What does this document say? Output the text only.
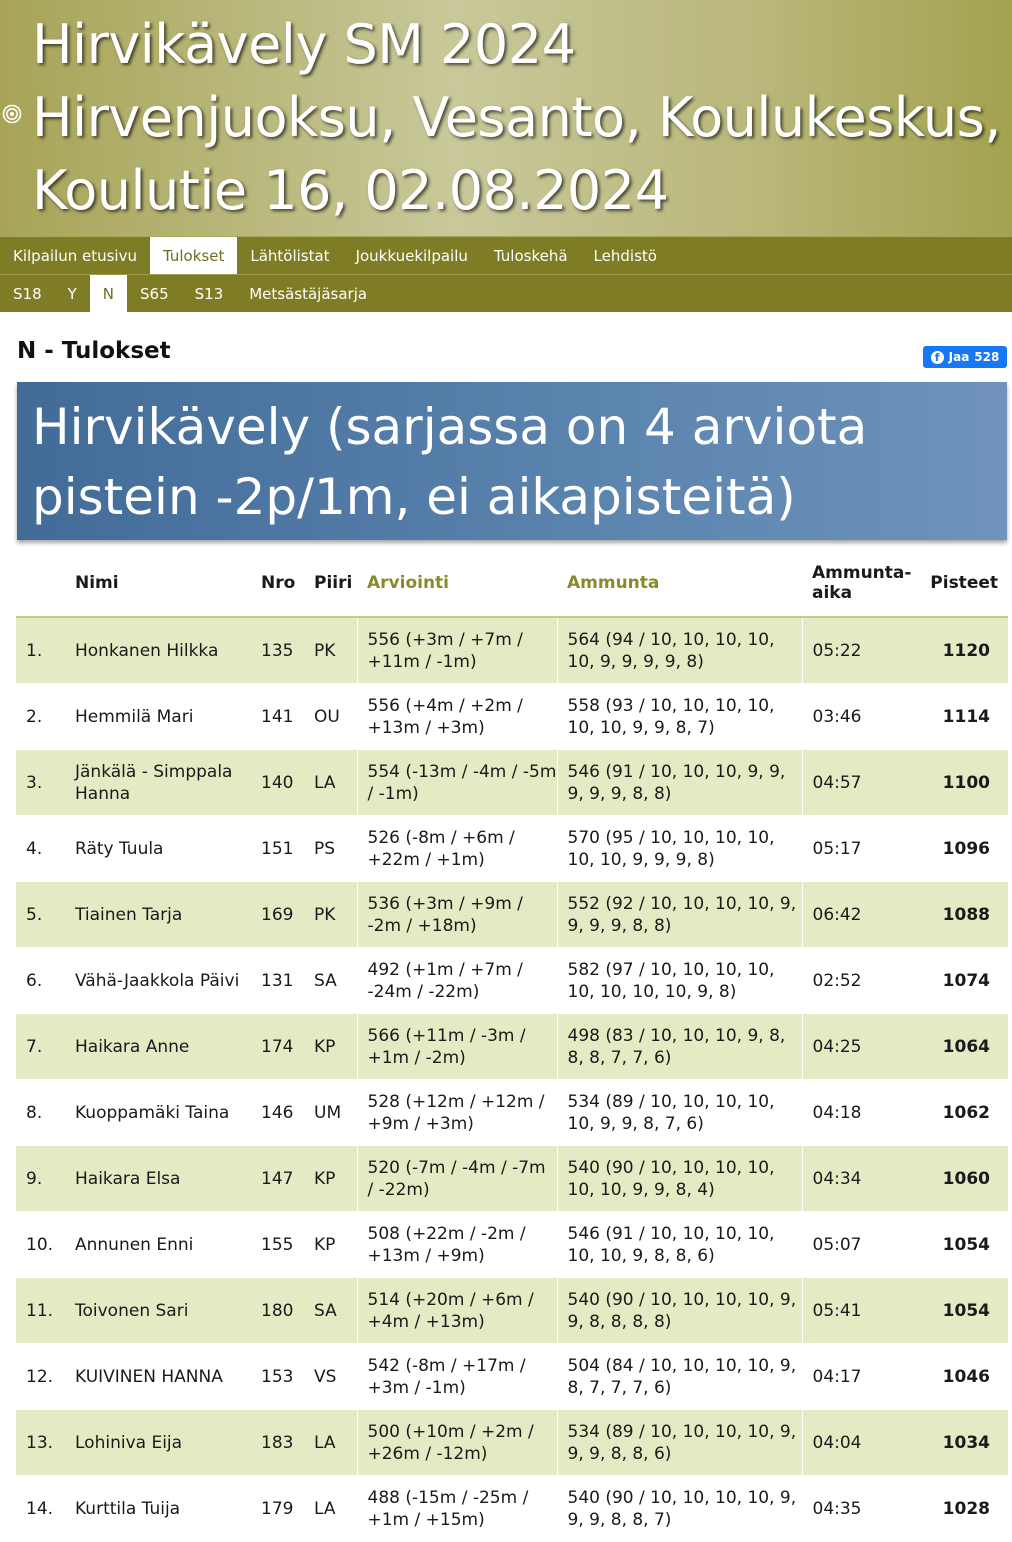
Hirvikävely SM 2024
Hirvenjuoksu, Vesanto, Koulukeskus,
Koulutie 16, 02.08.2024
Kilpailun etusivu	Tulokset	Lähtölistat	Joukkuekilpailu	Tuloskehä	Lehdistö
S18	Y	N	S65	S13	Metsästäjäsarja
N - Tulokset	f Jaa 528

Hirvikävely (sarjassa on 4 arviota pistein -2p/1m, ei aikapisteitä)

	Nimi	Nro	Piiri	Arviointi	Ammunta	Ammunta-aika	Pisteet
1.	Honkanen Hilkka	135	PK	556 (+3m / +7m / +11m / -1m)	564 (94 / 10, 10, 10, 10, 10, 9, 9, 9, 9, 8)	05:22	1120
2.	Hemmilä Mari	141	OU	556 (+4m / +2m / +13m / +3m)	558 (93 / 10, 10, 10, 10, 10, 10, 9, 9, 8, 7)	03:46	1114
3.	Jänkälä - Simppala Hanna	140	LA	554 (-13m / -4m / -5m / -1m)	546 (91 / 10, 10, 10, 9, 9, 9, 9, 9, 8, 8)	04:57	1100
4.	Räty Tuula	151	PS	526 (-8m / +6m / +22m / +1m)	570 (95 / 10, 10, 10, 10, 10, 10, 9, 9, 9, 8)	05:17	1096
5.	Tiainen Tarja	169	PK	536 (+3m / +9m / -2m / +18m)	552 (92 / 10, 10, 10, 10, 9, 9, 9, 9, 8, 8)	06:42	1088
6.	Vähä-Jaakkola Päivi	131	SA	492 (+1m / +7m / -24m / -22m)	582 (97 / 10, 10, 10, 10, 10, 10, 10, 10, 9, 8)	02:52	1074
7.	Haikara Anne	174	KP	566 (+11m / -3m / +1m / -2m)	498 (83 / 10, 10, 10, 9, 8, 8, 8, 7, 7, 6)	04:25	1064
8.	Kuoppamäki Taina	146	UM	528 (+12m / +12m / +9m / +3m)	534 (89 / 10, 10, 10, 10, 10, 9, 9, 8, 7, 6)	04:18	1062
9.	Haikara Elsa	147	KP	520 (-7m / -4m / -7m / -22m)	540 (90 / 10, 10, 10, 10, 10, 10, 9, 9, 8, 4)	04:34	1060
10.	Annunen Enni	155	KP	508 (+22m / -2m / +13m / +9m)	546 (91 / 10, 10, 10, 10, 10, 10, 9, 8, 8, 6)	05:07	1054
11.	Toivonen Sari	180	SA	514 (+20m / +6m / +4m / +13m)	540 (90 / 10, 10, 10, 10, 9, 9, 8, 8, 8, 8)	05:41	1054
12.	KUIVINEN HANNA	153	VS	542 (-8m / +17m / +3m / -1m)	504 (84 / 10, 10, 10, 10, 9, 8, 7, 7, 7, 6)	04:17	1046
13.	Lohiniva Eija	183	LA	500 (+10m / +2m / +26m / -12m)	534 (89 / 10, 10, 10, 10, 9, 9, 9, 8, 8, 6)	04:04	1034
14.	Kurttila Tuija	179	LA	488 (-15m / -25m / +1m / +15m)	540 (90 / 10, 10, 10, 10, 9, 9, 9, 8, 8, 7)	04:35	1028
